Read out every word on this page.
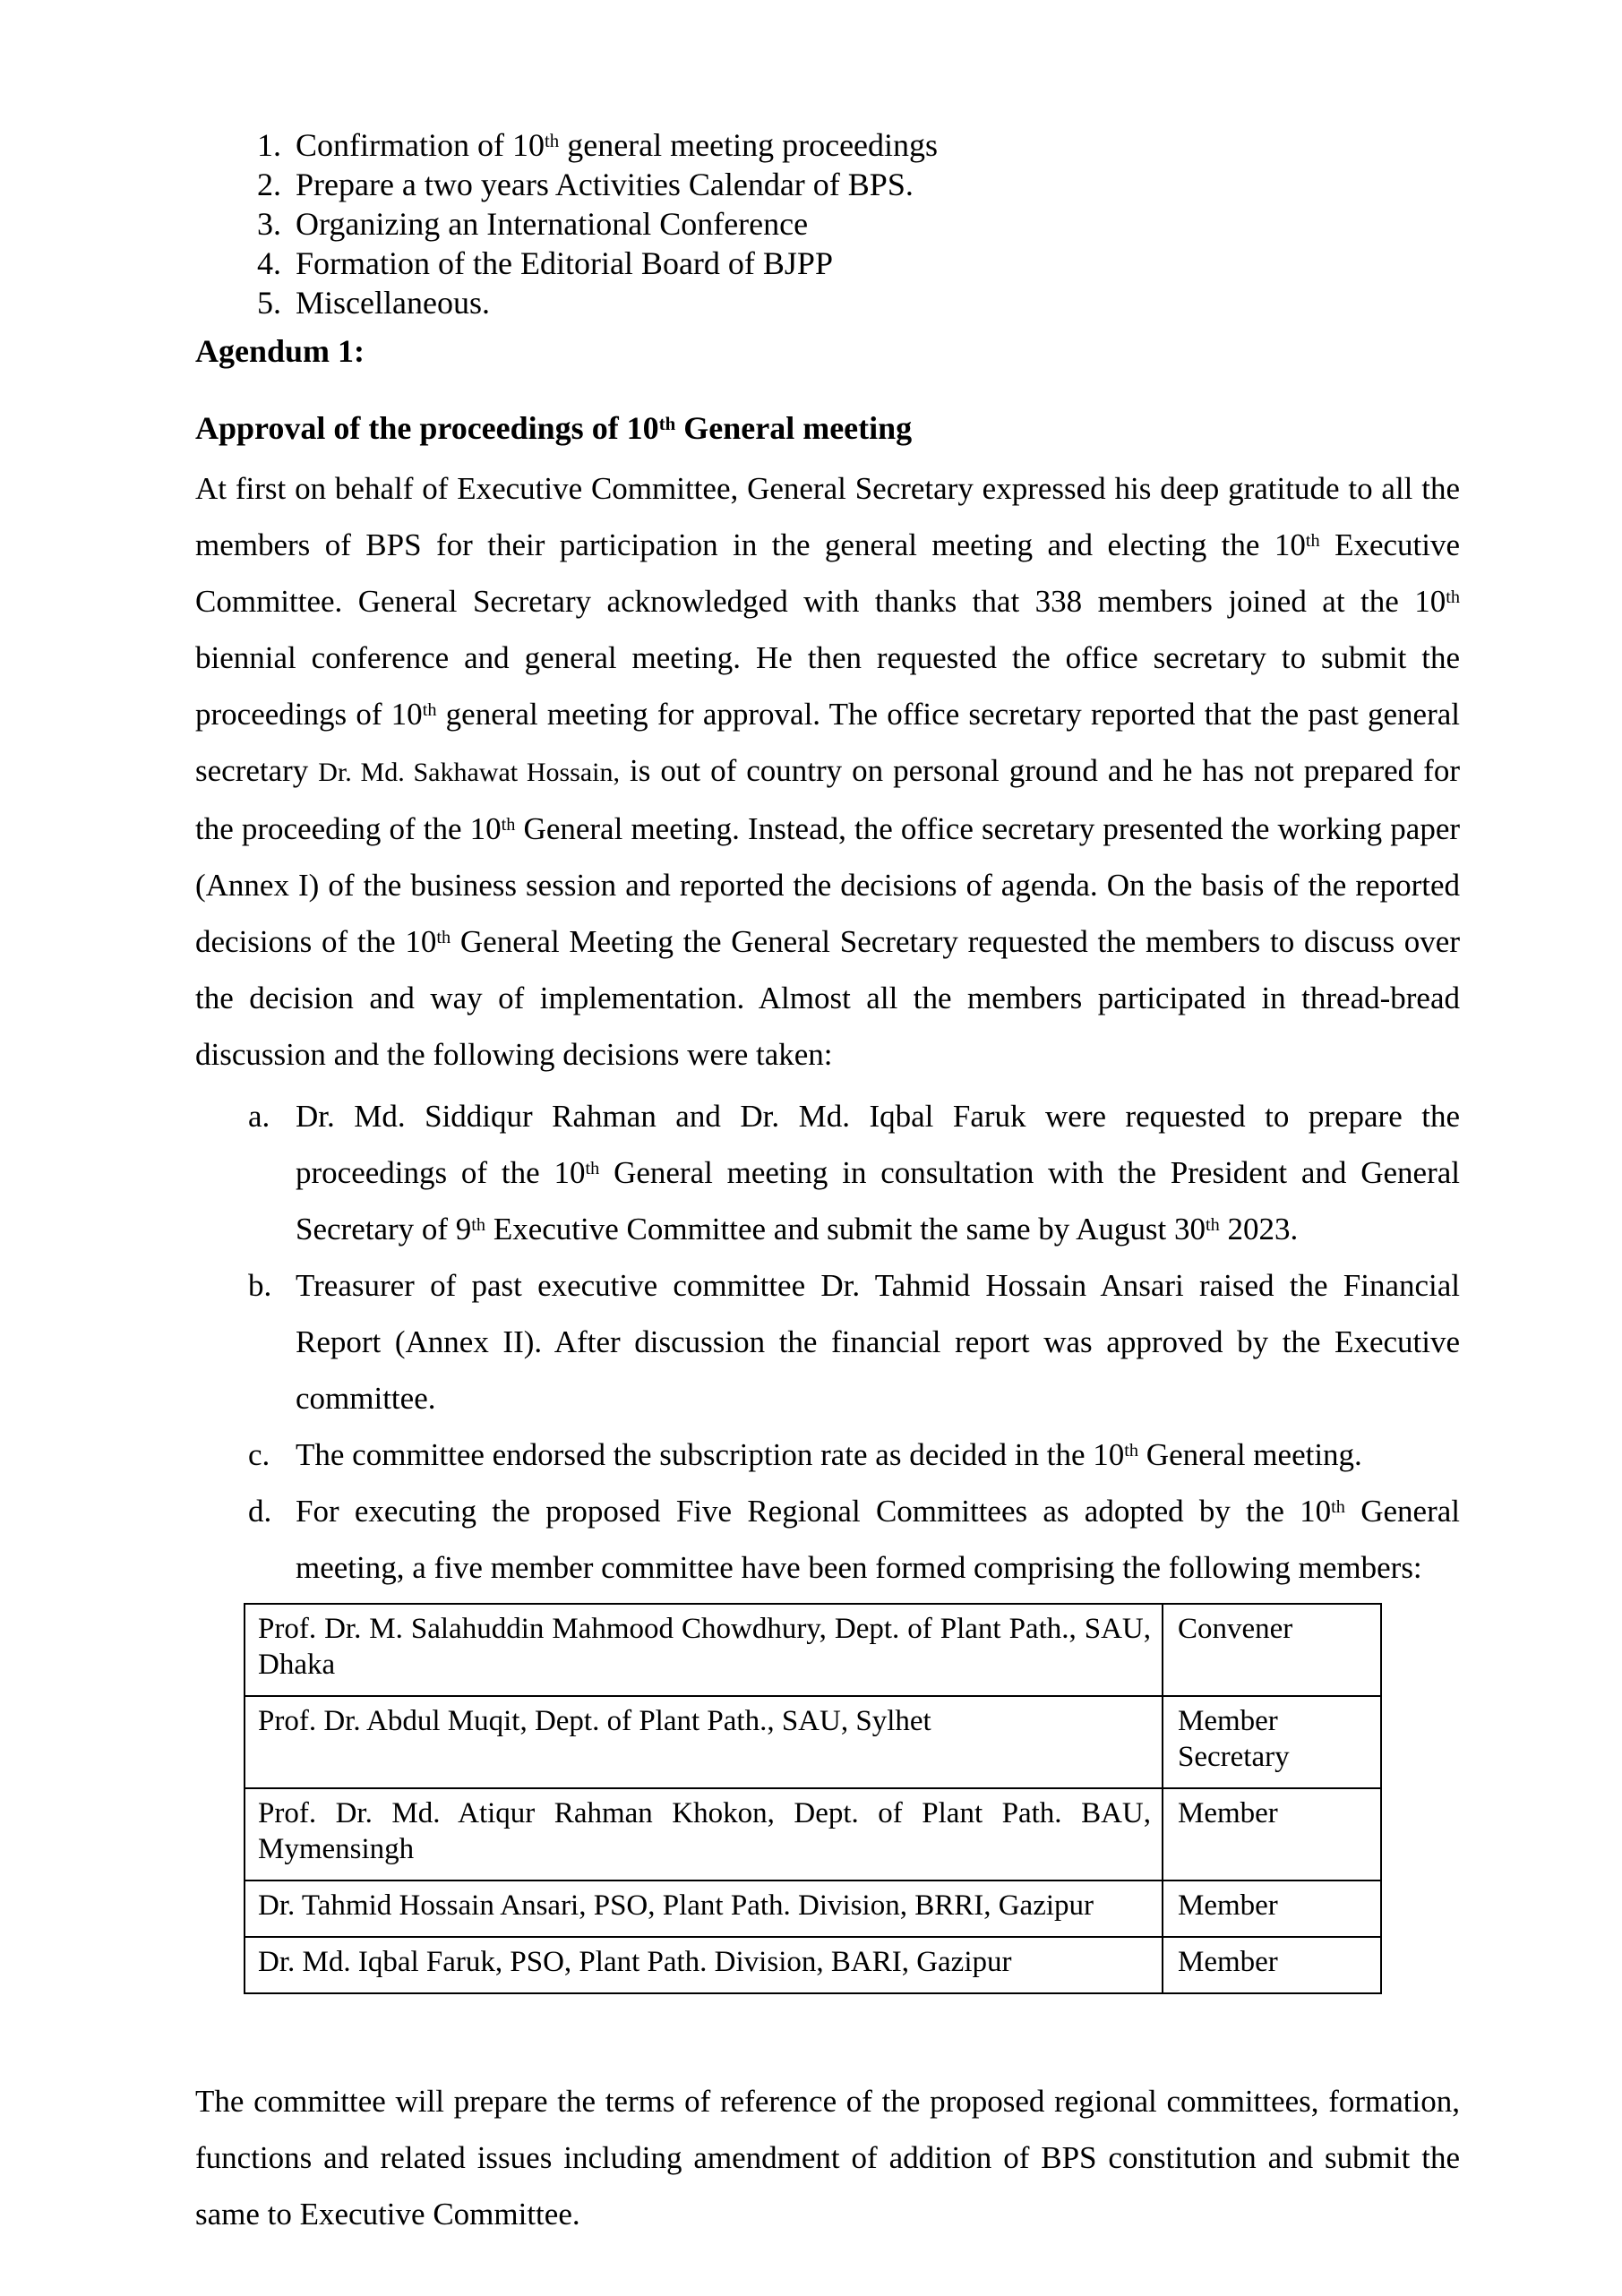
1. Confirmation of 10th general meeting proceedings
2. Prepare a two years Activities Calendar of BPS.
3. Organizing an International Conference
4. Formation of the Editorial Board of BJPP
5. Miscellaneous.
Agendum 1:
Approval of the proceedings of 10th General meeting
At first on behalf of Executive Committee, General Secretary expressed his deep gratitude to all the members of BPS for their participation in the general meeting and electing the 10th Executive Committee. General Secretary acknowledged with thanks that 338 members joined at the 10th biennial conference and general meeting. He then requested the office secretary to submit the proceedings of 10th general meeting for approval. The office secretary reported that the past general secretary Dr. Md. Sakhawat Hossain, is out of country on personal ground and he has not prepared for the proceeding of the 10th General meeting. Instead, the office secretary presented the working paper (Annex I) of the business session and reported the decisions of agenda. On the basis of the reported decisions of the 10th General Meeting the General Secretary requested the members to discuss over the decision and way of implementation. Almost all the members participated in thread-bread discussion and the following decisions were taken:
a. Dr. Md. Siddiqur Rahman and Dr. Md. Iqbal Faruk were requested to prepare the proceedings of the 10th General meeting in consultation with the President and General Secretary of 9th Executive Committee and submit the same by August 30th 2023.
b. Treasurer of past executive committee Dr. Tahmid Hossain Ansari raised the Financial Report (Annex II). After discussion the financial report was approved by the Executive committee.
c. The committee endorsed the subscription rate as decided in the 10th General meeting.
d. For executing the proposed Five Regional Committees as adopted by the 10th General meeting, a five member committee have been formed comprising the following members:
Prof. Dr. M. Salahuddin Mahmood Chowdhury, Dept. of Plant Path., SAU, Dhaka	Convener
Prof. Dr. Abdul Muqit, Dept. of Plant Path., SAU, Sylhet	Member Secretary
Prof. Dr. Md. Atiqur Rahman Khokon, Dept. of Plant Path. BAU, Mymensingh	Member
Dr. Tahmid Hossain Ansari, PSO, Plant Path. Division, BRRI, Gazipur	Member
Dr. Md. Iqbal Faruk, PSO, Plant Path. Division, BARI, Gazipur	Member
The committee will prepare the terms of reference of the proposed regional committees, formation, functions and related issues including amendment of addition of BPS constitution and submit the same to Executive Committee.
